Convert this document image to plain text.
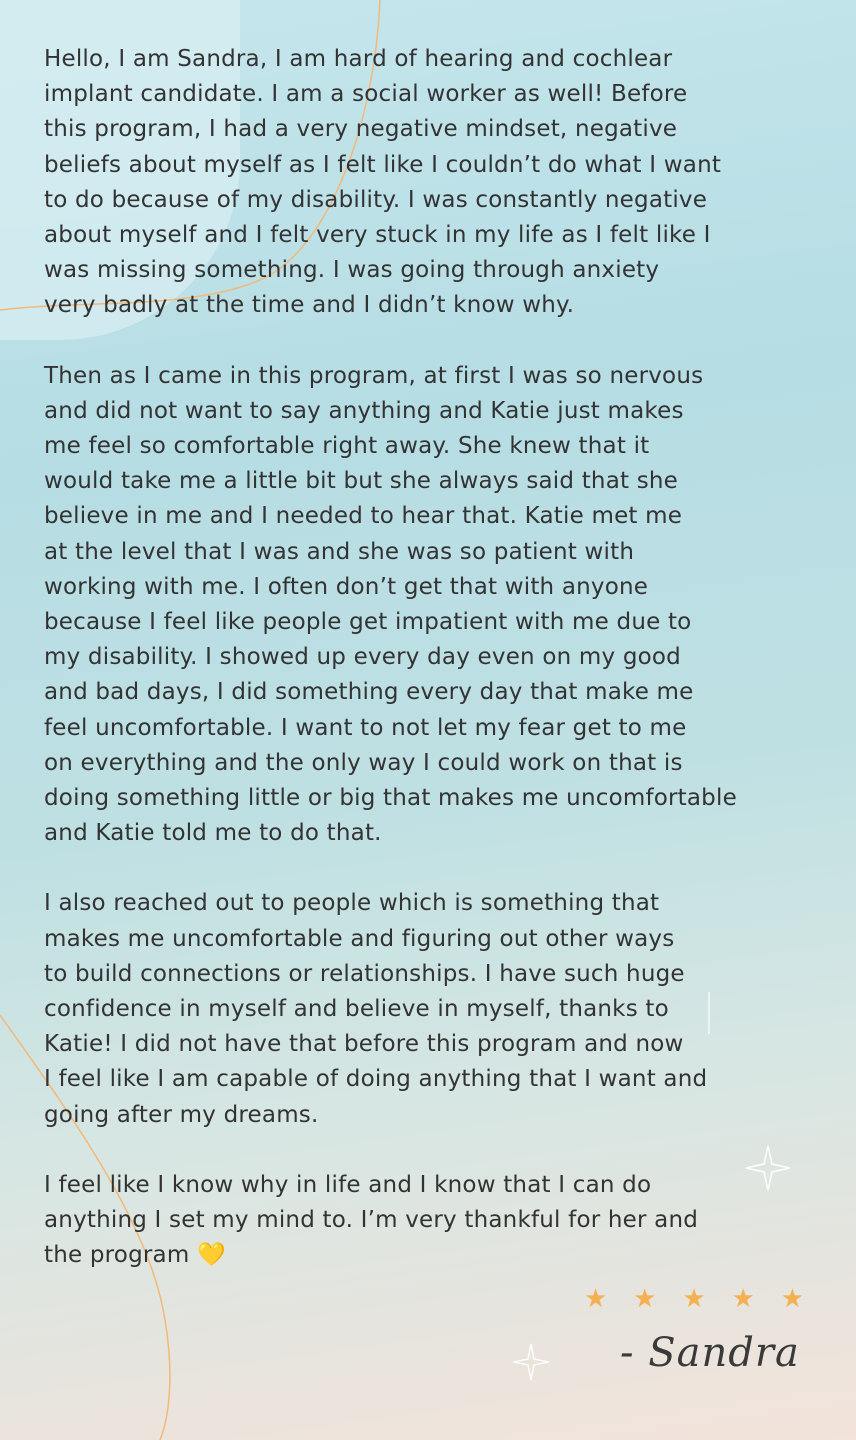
Hello, I am Sandra, I am hard of hearing and cochlear
implant candidate. I am a social worker as well! Before
this program, I had a very negative mindset, negative
beliefs about myself as I felt like I couldn’t do what I want
to do because of my disability. I was constantly negative
about myself and I felt very stuck in my life as I felt like I
was missing something. I was going through anxiety
very badly at the time and I didn’t know why.

Then as I came in this program, at first I was so nervous
and did not want to say anything and Katie just makes
me feel so comfortable right away. She knew that it
would take me a little bit but she always said that she
believe in me and I needed to hear that. Katie met me
at the level that I was and she was so patient with
working with me. I often don’t get that with anyone
because I feel like people get impatient with me due to
my disability. I showed up every day even on my good
and bad days, I did something every day that make me
feel uncomfortable. I want to not let my fear get to me
on everything and the only way I could work on that is
doing something little or big that makes me uncomfortable
and Katie told me to do that.

I also reached out to people which is something that
makes me uncomfortable and figuring out other ways
to build connections or relationships. I have such huge
confidence in myself and believe in myself, thanks to
Katie! I did not have that before this program and now
I feel like I am capable of doing anything that I want and
going after my dreams.

I feel like I know why in life and I know that I can do
anything I set my mind to. I’m very thankful for her and
the program 💛

★ ★ ★ ★ ★
- Sandra
